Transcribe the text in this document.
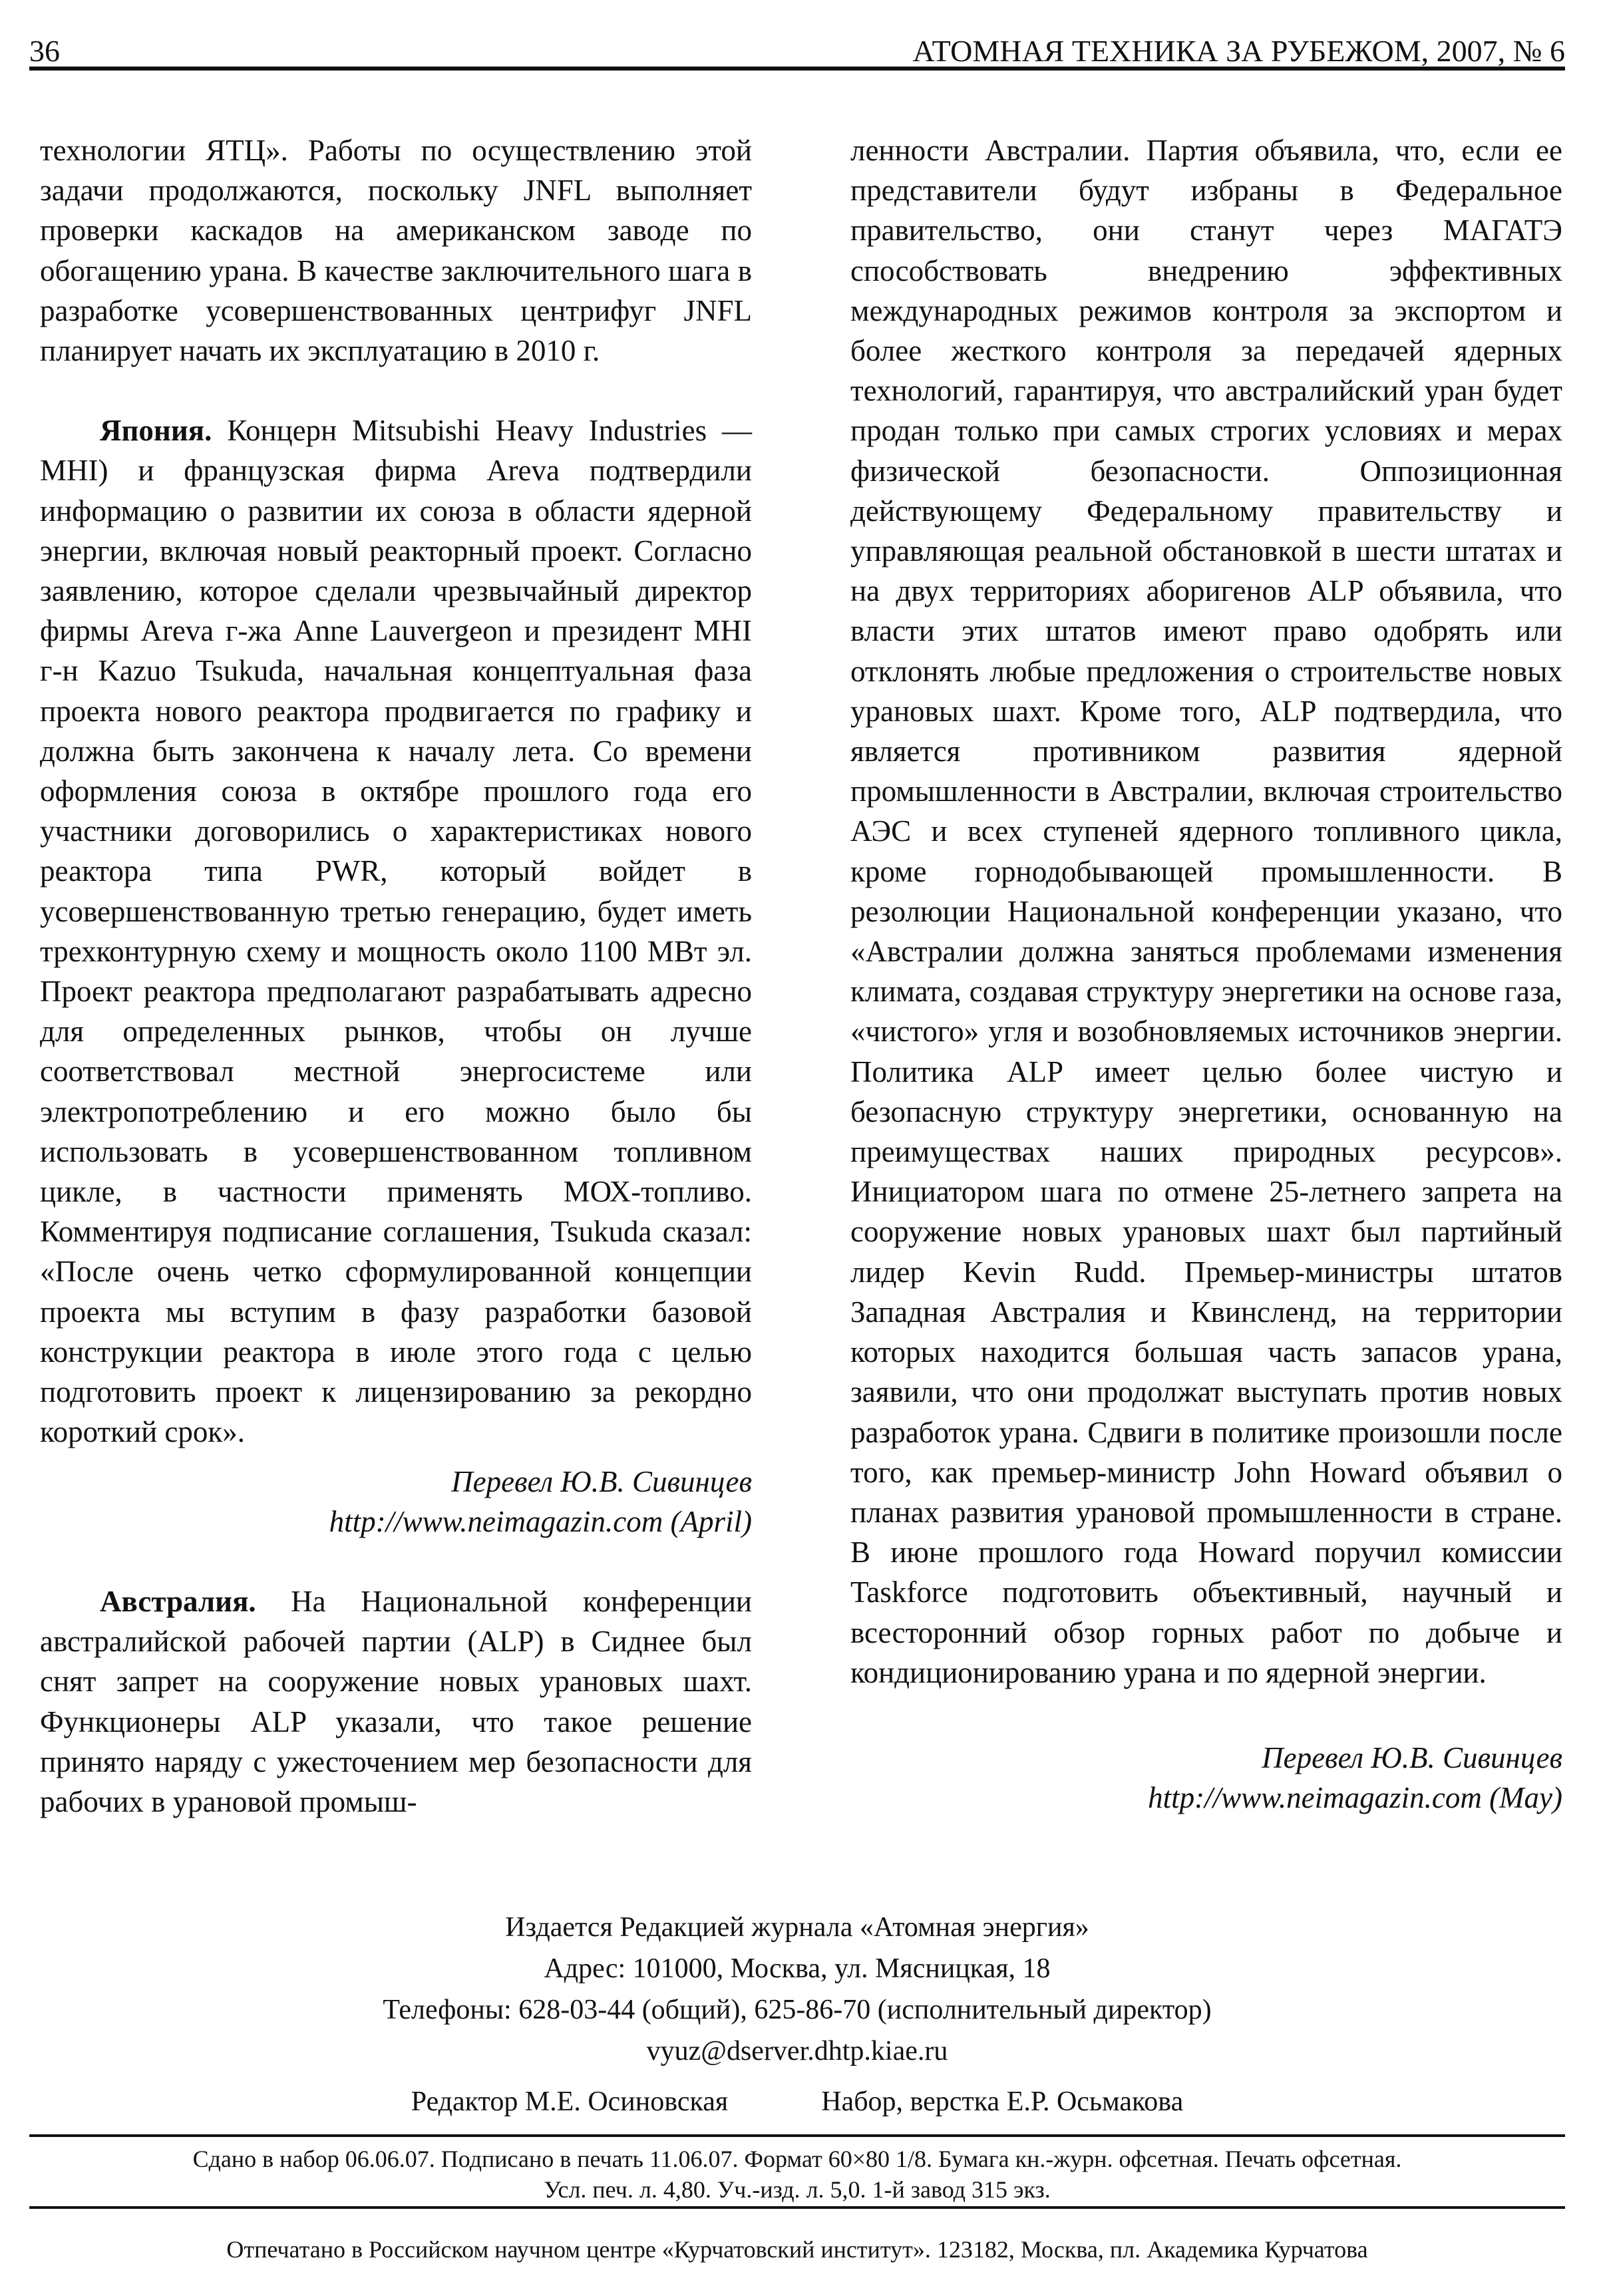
36	АТОМНАЯ ТЕХНИКА ЗА РУБЕЖОМ, 2007, № 6

технологии ЯТЦ». Работы по осуществлению этой задачи продолжаются, поскольку JNFL выполняет проверки каскадов на американском заводе по обогащению урана. В качестве заключительного шага в разработке усовершенствованных центрифуг JNFL планирует начать их эксплуатацию в 2010 г.

Япония. Концерн Mitsubishi Heavy Industries — MHI) и французская фирма Areva подтвердили информацию о развитии их союза в области ядерной энергии, включая новый реакторный проект. Согласно заявлению, которое сделали чрезвычайный директор фирмы Areva г-жа Anne Lauvergeon и президент MHI г-н Kazuo Tsukuda, начальная концептуальная фаза проекта нового реактора продвигается по графику и должна быть закончена к началу лета. Со времени оформления союза в октябре прошлого года его участники договорились о характеристиках нового реактора типа PWR, который войдет в усовершенствованную третью генерацию, будет иметь трехконтурную схему и мощность около 1100 МВт эл. Проект реактора предполагают разрабатывать адресно для определенных рынков, чтобы он лучше соответствовал местной энергосистеме или электропотреблению и его можно было бы использовать в усовершенствованном топливном цикле, в частности применять МОХ-топливо. Комментируя подписание соглашения, Tsukuda сказал: «После очень четко сформулированной концепции проекта мы вступим в фазу разработки базовой конструкции реактора в июле этого года с целью подготовить проект к лицензированию за рекордно короткий срок».

Перевел Ю.В. Сивинцев

http://www.neimagazin.com (April)

Австралия. На Национальной конференции австралийской рабочей партии (ALP) в Сиднее был снят запрет на сооружение новых урановых шахт. Функционеры ALP указали, что такое решение принято наряду с ужесточением мер безопасности для рабочих в урановой промыш-

ленности Австралии. Партия объявила, что, если ее представители будут избраны в Федеральное правительство, они станут через МАГАТЭ способствовать внедрению эффективных международных режимов контроля за экспортом и более жесткого контроля за передачей ядерных технологий, гарантируя, что австралийский уран будет продан только при самых строгих условиях и мерах физической безопасности. Оппозиционная действующему Федеральному правительству и управляющая реальной обстановкой в шести штатах и на двух территориях аборигенов ALP объявила, что власти этих штатов имеют право одобрять или отклонять любые предложения о строительстве новых урановых шахт. Кроме того, ALP подтвердила, что является противником развития ядерной промышленности в Австралии, включая строительство АЭС и всех ступеней ядерного топливного цикла, кроме горнодобывающей промышленности. В резолюции Национальной конференции указано, что «Австралии должна заняться проблемами изменения климата, создавая структуру энергетики на основе газа, «чистого» угля и возобновляемых источников энергии. Политика ALP имеет целью более чистую и безопасную структуру энергетики, основанную на преимуществах наших природных ресурсов». Инициатором шага по отмене 25-летнего запрета на сооружение новых урановых шахт был партийный лидер Kevin Rudd. Премьер-министры штатов Западная Австралия и Квинсленд, на территории которых находится большая часть запасов урана, заявили, что они продолжат выступать против новых разработок урана. Сдвиги в политике произошли после того, как премьер-министр John Howard объявил о планах развития урановой промышленности в стране. В июне прошлого года Howard поручил комиссии Taskforce подготовить объективный, научный и всесторонний обзор горных работ по добыче и кондиционированию урана и по ядерной энергии.

Перевел Ю.В. Сивинцев

http://www.neimagazin.com (May)

Издается Редакцией журнала «Атомная энергия»
Адрес: 101000, Москва, ул. Мясницкая, 18
Телефоны: 628-03-44 (общий), 625-86-70 (исполнительный директор)
vyuz@dserver.dhtp.kiae.ru
Редактор М.Е. Осиновская	Набор, верстка Е.Р. Осьмакова
Сдано в набор 06.06.07. Подписано в печать 11.06.07. Формат 60×80 1/8. Бумага кн.-журн. офсетная. Печать офсетная.
Усл. печ. л. 4,80. Уч.-изд. л. 5,0. 1-й завод 315 экз.
Отпечатано в Российском научном центре «Курчатовский институт». 123182, Москва, пл. Академика Курчатова
